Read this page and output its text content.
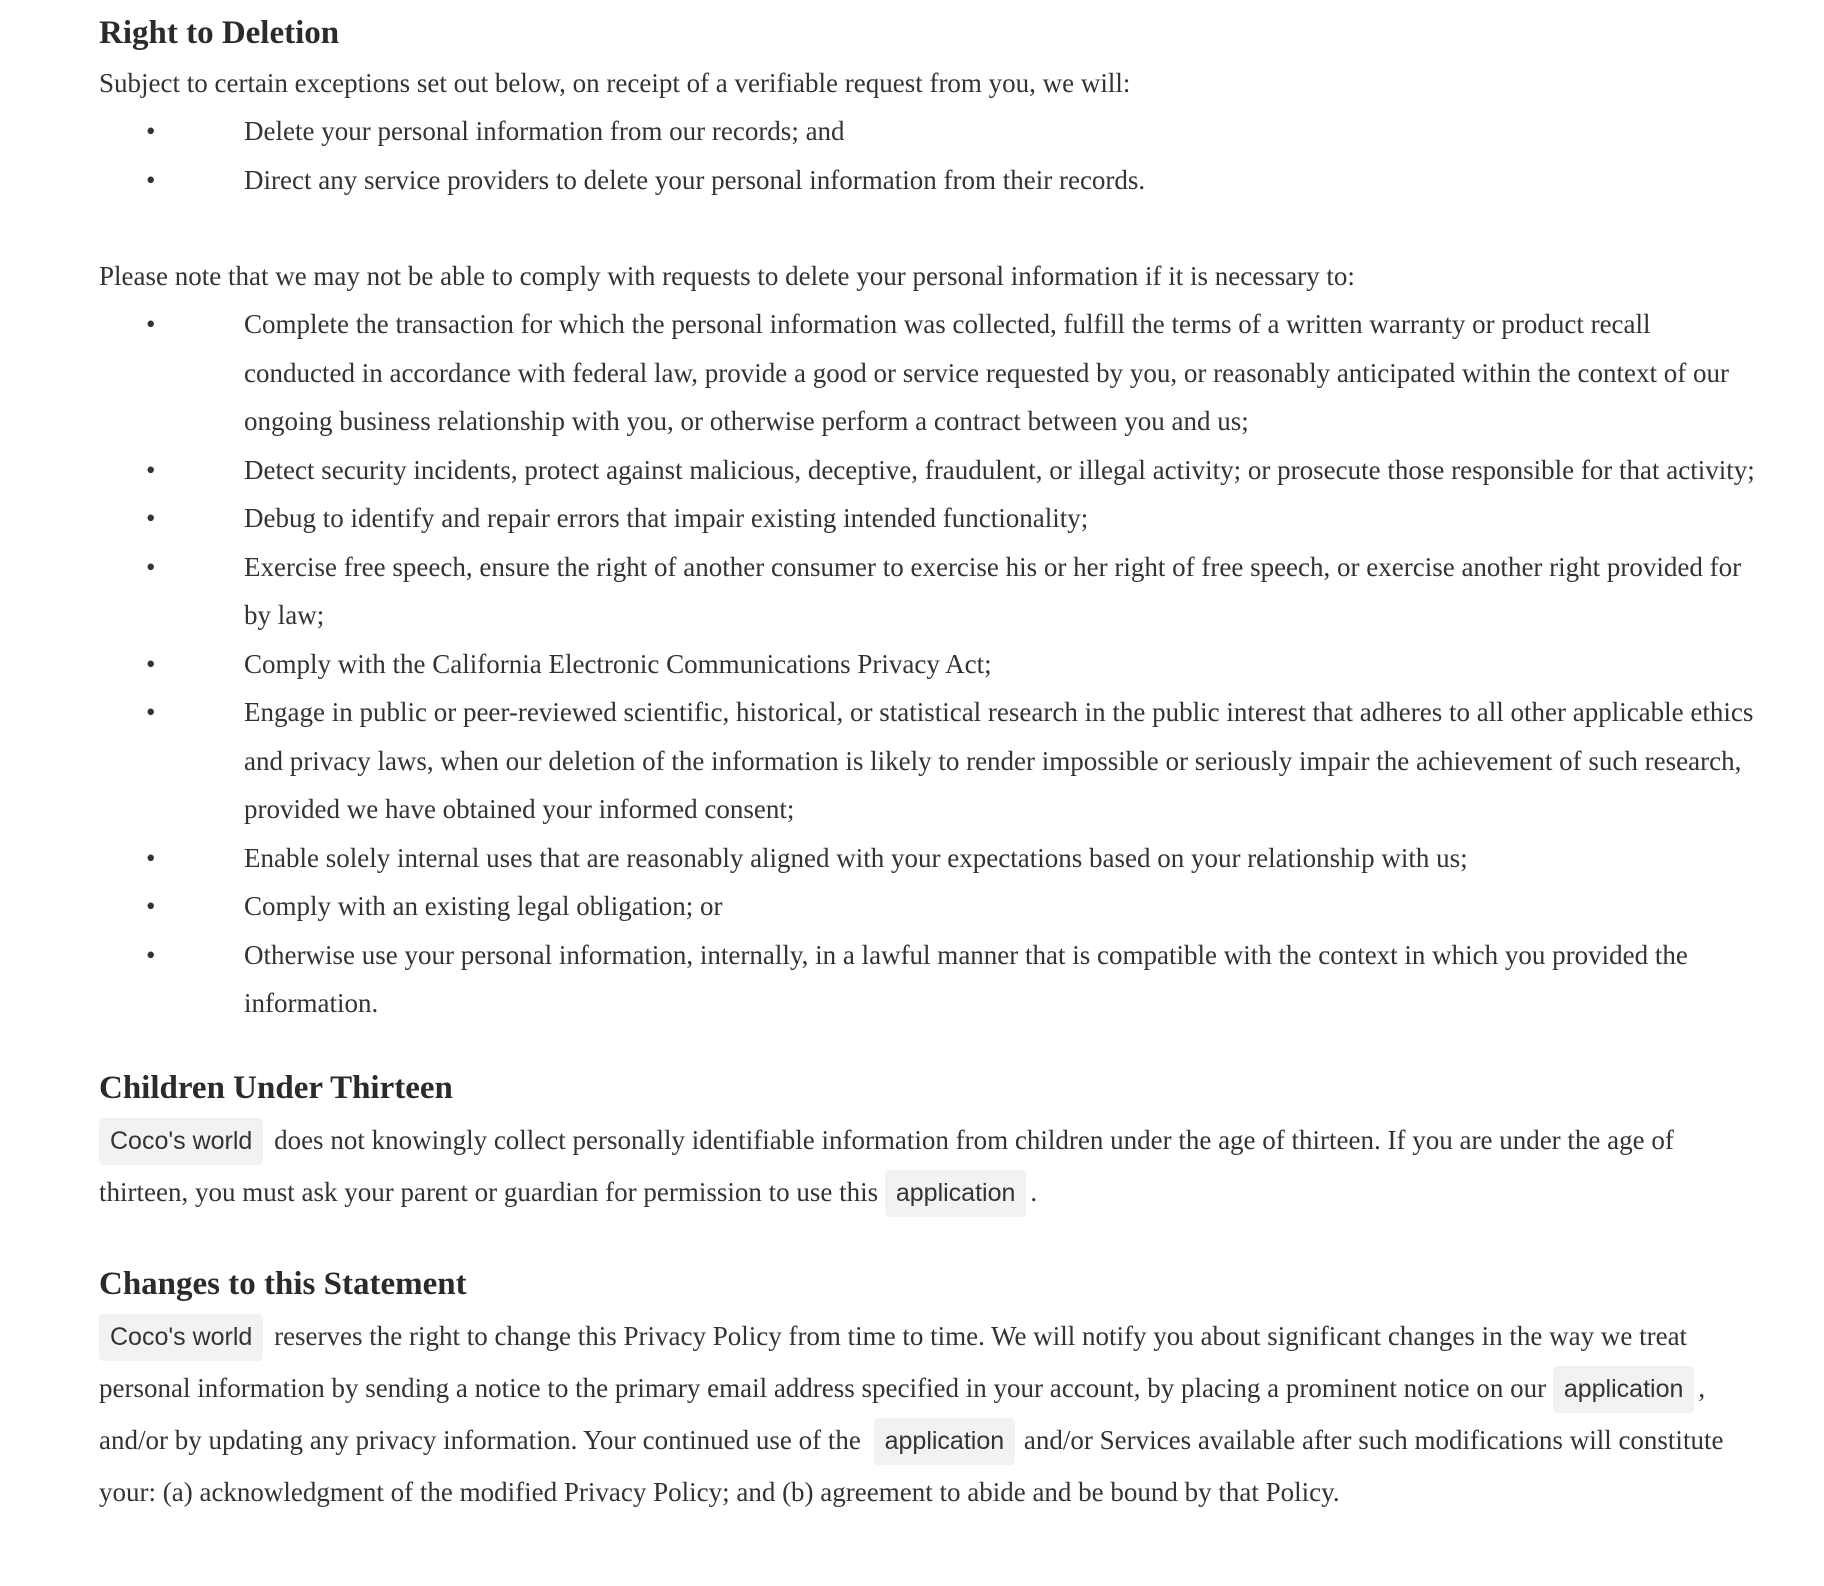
Right to Deletion

Subject to certain exceptions set out below, on receipt of a verifiable request from you, we will:

•	Delete your personal information from our records; and
•	Direct any service providers to delete your personal information from their records.

Please note that we may not be able to comply with requests to delete your personal information if it is necessary to:

•	Complete the transaction for which the personal information was collected, fulfill the terms of a written warranty or product recall conducted in accordance with federal law, provide a good or service requested by you, or reasonably anticipated within the context of our ongoing business relationship with you, or otherwise perform a contract between you and us;
•	Detect security incidents, protect against malicious, deceptive, fraudulent, or illegal activity; or prosecute those responsible for that activity;
•	Debug to identify and repair errors that impair existing intended functionality;
•	Exercise free speech, ensure the right of another consumer to exercise his or her right of free speech, or exercise another right provided for by law;
•	Comply with the California Electronic Communications Privacy Act;
•	Engage in public or peer-reviewed scientific, historical, or statistical research in the public interest that adheres to all other applicable ethics and privacy laws, when our deletion of the information is likely to render impossible or seriously impair the achievement of such research, provided we have obtained your informed consent;
•	Enable solely internal uses that are reasonably aligned with your expectations based on your relationship with us;
•	Comply with an existing legal obligation; or
•	Otherwise use your personal information, internally, in a lawful manner that is compatible with the context in which you provided the information.
Children Under Thirteen

Coco's world does not knowingly collect personally identifiable information from children under the age of thirteen. If you are under the age of thirteen, you must ask your parent or guardian for permission to use this application .

Changes to this Statement

Coco's world reserves the right to change this Privacy Policy from time to time. We will notify you about significant changes in the way we treat personal information by sending a notice to the primary email address specified in your account, by placing a prominent notice on our application , and/or by updating any privacy information. Your continued use of the application and/or Services available after such modifications will constitute your: (a) acknowledgment of the modified Privacy Policy; and (b) agreement to abide and be bound by that Policy.
